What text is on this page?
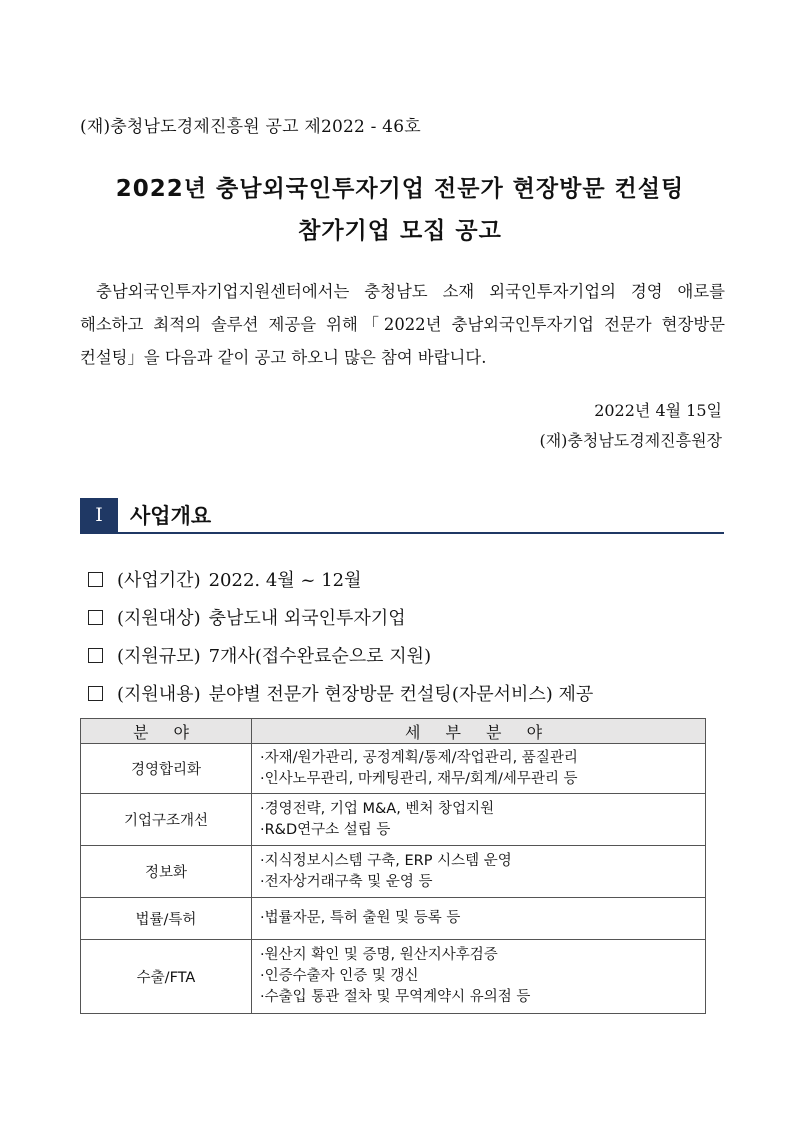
(재)충청남도경제진흥원 공고 제2022 - 46호
2022년 충남외국인투자기업 전문가 현장방문 컨설팅
참가기업 모집 공고
충남외국인투자기업지원센터에서는 충청남도 소재 외국인투자기업의 경영 애로를 해소하고 최적의 솔루션 제공을 위해「2022년 충남외국인투자기업 전문가 현장방문 컨설팅」을 다음과 같이 공고 하오니 많은 참여 바랍니다.
2022년 4월 15일
(재)충청남도경제진흥원장
I	사업개요
(사업기간) 2022. 4월 ~ 12월
(지원대상) 충남도내 외국인투자기업
(지원규모) 7개사(접수완료순으로 지원)
(지원내용) 분야별 전문가 현장방문 컨설팅(자문서비스) 제공
분 야	세 부 분 야
경영합리화	·자재/원가관리, 공정계획/통제/작업관리, 품질관리
·인사노무관리, 마케팅관리, 재무/회계/세무관리 등

기업구조개선	·경영전략, 기업 M&A, 벤처 창업지원
·R&D연구소 설립 등

정보화	·지식정보시스템 구축, ERP 시스템 운영
·전자상거래구축 및 운영 등

법률/특허	·법률자문, 특허 출원 및 등록 등

수출/FTA	·원산지 확인 및 증명, 원산지사후검증
·인증수출자 인증 및 갱신
·수출입 통관 절차 및 무역계약시 유의점 등
